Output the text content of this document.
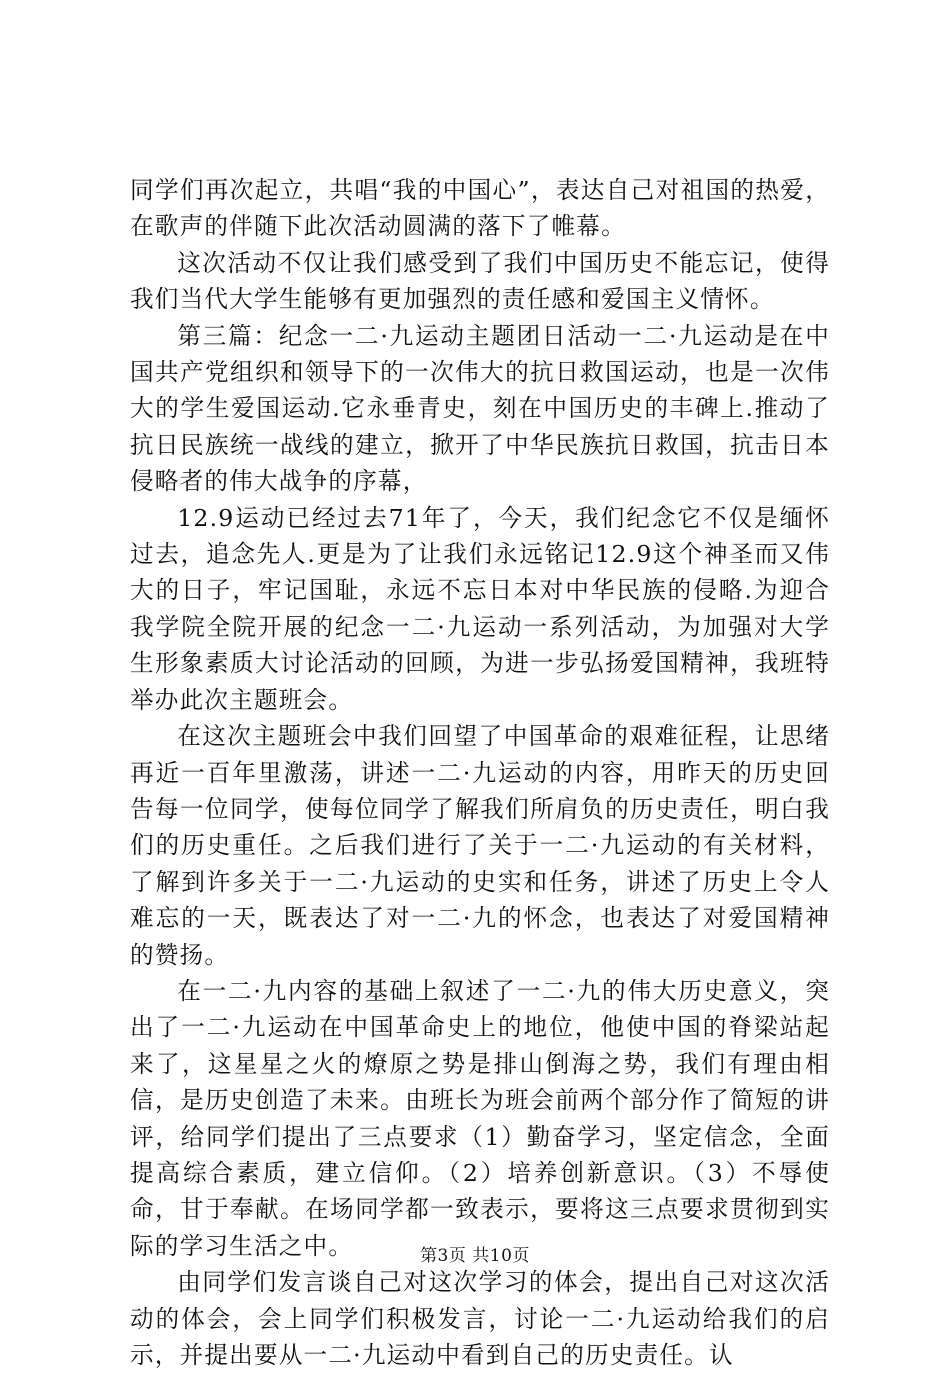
同学们再次起立，共唱“我的中国心”，表达自己对祖国的热爱，在歌声的伴随下此次活动圆满的落下了帷幕。

这次活动不仅让我们感受到了我们中国历史不能忘记，使得我们当代大学生能够有更加强烈的责任感和爱国主义情怀。

第三篇：纪念一二·九运动主题团日活动一二·九运动是在中国共产党组织和领导下的一次伟大的抗日救国运动，也是一次伟大的学生爱国运动.它永垂青史，刻在中国历史的丰碑上.推动了抗日民族统一战线的建立，掀开了中华民族抗日救国，抗击日本侵略者的伟大战争的序幕，

12.9运动已经过去71年了，今天，我们纪念它不仅是缅怀过去，追念先人.更是为了让我们永远铭记12.9这个神圣而又伟大的日子，牢记国耻，永远不忘日本对中华民族的侵略.为迎合我学院全院开展的纪念一二·九运动一系列活动，为加强对大学生形象素质大讨论活动的回顾，为进一步弘扬爱国精神，我班特举办此次主题班会。

在这次主题班会中我们回望了中国革命的艰难征程，让思绪再近一百年里激荡，讲述一二·九运动的内容，用昨天的历史回告每一位同学，使每位同学了解我们所肩负的历史责任，明白我们的历史重任。之后我们进行了关于一二·九运动的有关材料，了解到许多关于一二·九运动的史实和任务，讲述了历史上令人难忘的一天，既表达了对一二·九的怀念，也表达了对爱国精神的赞扬。

在一二·九内容的基础上叙述了一二·九的伟大历史意义，突出了一二·九运动在中国革命史上的地位，他使中国的脊梁站起来了，这星星之火的燎原之势是排山倒海之势，我们有理由相信，是历史创造了未来。由班长为班会前两个部分作了简短的讲评，给同学们提出了三点要求（1）勤奋学习，坚定信念，全面提高综合素质，建立信仰。（2）培养创新意识。（3）不辱使命，甘于奉献。在场同学都一致表示，要将这三点要求贯彻到实际的学习生活之中。

由同学们发言谈自己对这次学习的体会，提出自己对这次活动的体会，会上同学们积极发言，讨论一二·九运动给我们的启示，并提出要从一二·九运动中看到自己的历史责任。认

第3页 共10页
